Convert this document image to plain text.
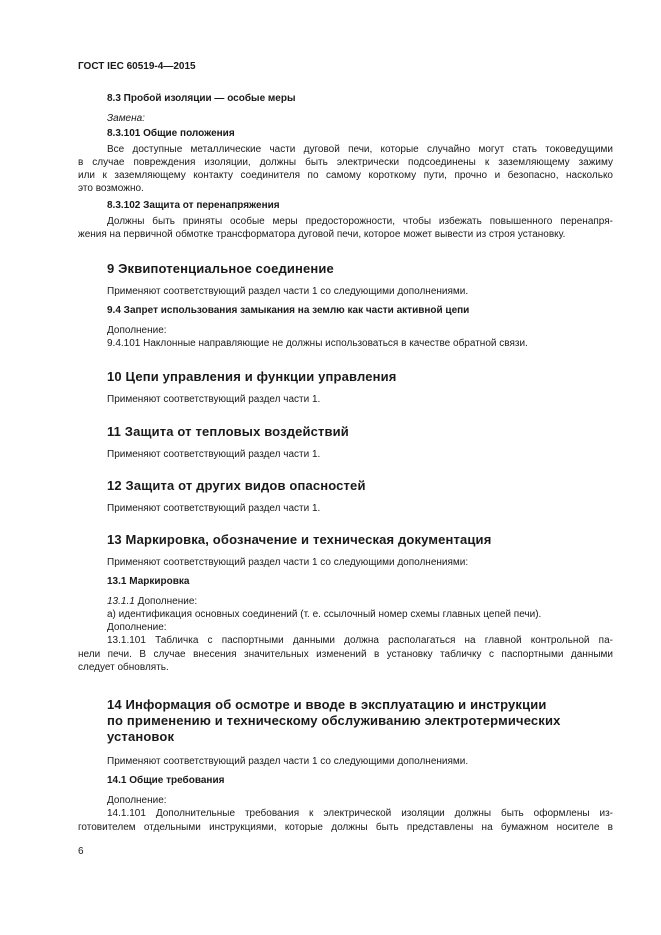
ГОСТ IEC 60519-4—2015
8.3 Пробой изоляции — особые меры
Замена:
8.3.101 Общие положения
Все доступные металлические части дуговой печи, которые случайно могут стать токоведущими
в случае повреждения изоляции, должны быть электрически подсоединены к заземляющему зажиму
или к заземляющему контакту соединителя по самому короткому пути, прочно и безопасно, насколько
это возможно.
8.3.102 Защита от перенапряжения
Должны быть приняты особые меры предосторожности, чтобы избежать повышенного перенапря-
жения на первичной обмотке трансформатора дуговой печи, которое может вывести из строя установку.
9 Эквипотенциальное соединение
Применяют соответствующий раздел части 1 со следующими дополнениями.
9.4 Запрет использования замыкания на землю как части активной цепи
Дополнение:
9.4.101 Наклонные направляющие не должны использоваться в качестве обратной связи.
10 Цепи управления и функции управления
Применяют соответствующий раздел части 1.
11 Защита от тепловых воздействий
Применяют соответствующий раздел части 1.
12 Защита от других видов опасностей
Применяют соответствующий раздел части 1.
13 Маркировка, обозначение и техническая документация
Применяют соответствующий раздел части 1 со следующими дополнениями:
13.1 Маркировка
13.1.1 Дополнение:
а) идентификация основных соединений (т. е. ссылочный номер схемы главных цепей печи).
Дополнение:
13.1.101 Табличка с паспортными данными должна располагаться на главной контрольной па-
нели печи. В случае внесения значительных изменений в установку табличку с паспортными данными
следует обновлять.
14 Информация об осмотре и вводе в эксплуатацию и инструкции
по применению и техническому обслуживанию электротермических
установок
Применяют соответствующий раздел части 1 со следующими дополнениями.
14.1 Общие требования
Дополнение:
14.1.101 Дополнительные требования к электрической изоляции должны быть оформлены из-
готовителем отдельными инструкциями, которые должны быть представлены на бумажном носителе в
6
